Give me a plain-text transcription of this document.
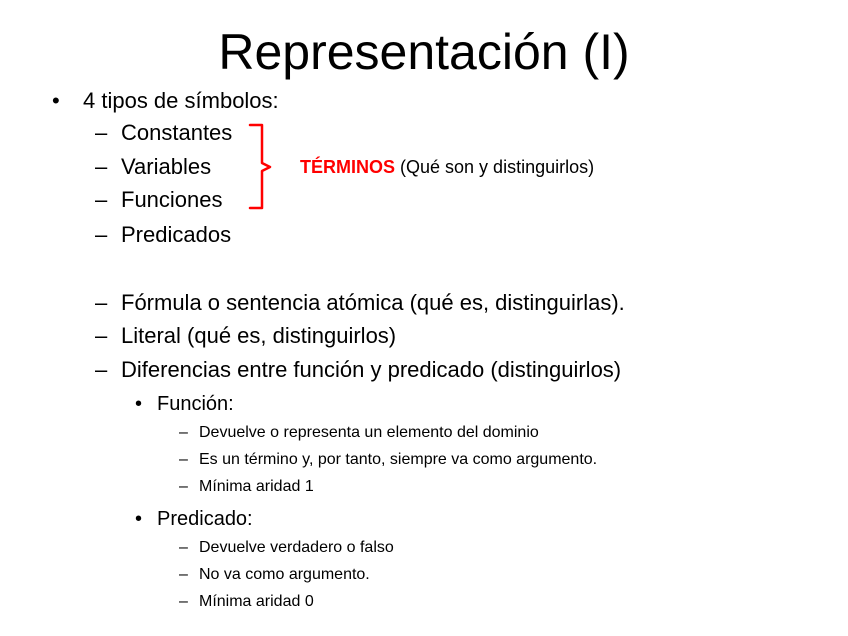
Representación (I)
• 4 tipos de símbolos:
– Constantes
– Variables
– Funciones
– Predicados
TÉRMINOS (Qué son y distinguirlos)
– Fórmula o sentencia atómica (qué es, distinguirlas).
– Literal (qué es, distinguirlos)
– Diferencias entre función y predicado (distinguirlos)
• Función:
– Devuelve o representa un elemento del dominio
– Es un término y, por tanto, siempre va como argumento.
– Mínima aridad 1
• Predicado:
– Devuelve verdadero o falso
– No va como argumento.
– Mínima aridad 0
